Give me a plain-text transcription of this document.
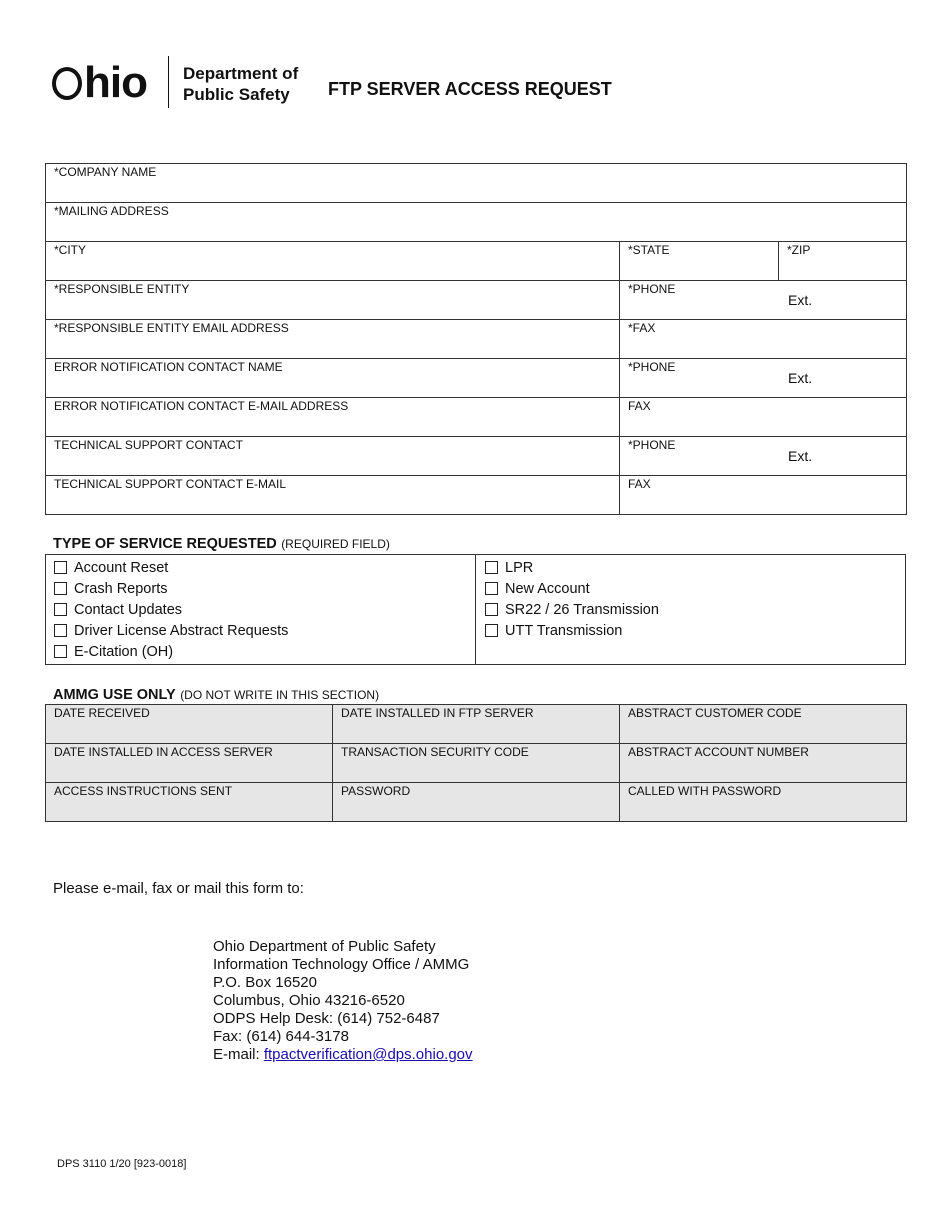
hio Department of
Public Safety	FTP SERVER ACCESS REQUEST
*COMPANY NAME		

*MAILING ADDRESS		

*CITY	*STATE	*ZIP

*RESPONSIBLE ENTITY	*PHONE
Ext.	

*RESPONSIBLE ENTITY EMAIL ADDRESS	*FAX	

ERROR NOTIFICATION CONTACT NAME	*PHONE
Ext.	

ERROR NOTIFICATION CONTACT E-MAIL ADDRESS	FAX	

TECHNICAL SUPPORT CONTACT	*PHONE
Ext.	

TECHNICAL SUPPORT CONTACT E-MAIL	FAX	
TYPE OF SERVICE REQUESTED (REQUIRED FIELD)
Account Reset
Crash Reports
Contact Updates
Driver License Abstract Requests
E-Citation (OH)
LPR
New Account
SR22 / 26 Transmission
UTT Transmission
AMMG USE ONLY (DO NOT WRITE IN THIS SECTION)
DATE RECEIVED	DATE INSTALLED IN FTP SERVER	ABSTRACT CUSTOMER CODE

DATE INSTALLED IN ACCESS SERVER	TRANSACTION SECURITY CODE	ABSTRACT ACCOUNT NUMBER

ACCESS INSTRUCTIONS SENT	PASSWORD	CALLED WITH PASSWORD
Please e-mail, fax or mail this form to:
Ohio Department of Public Safety
Information Technology Office / AMMG
P.O. Box 16520
Columbus, Ohio 43216-6520
ODPS Help Desk: (614) 752-6487
Fax: (614) 644-3178
E-mail: ftpactverification@dps.ohio.gov
DPS 3110 1/20 [923-0018]
